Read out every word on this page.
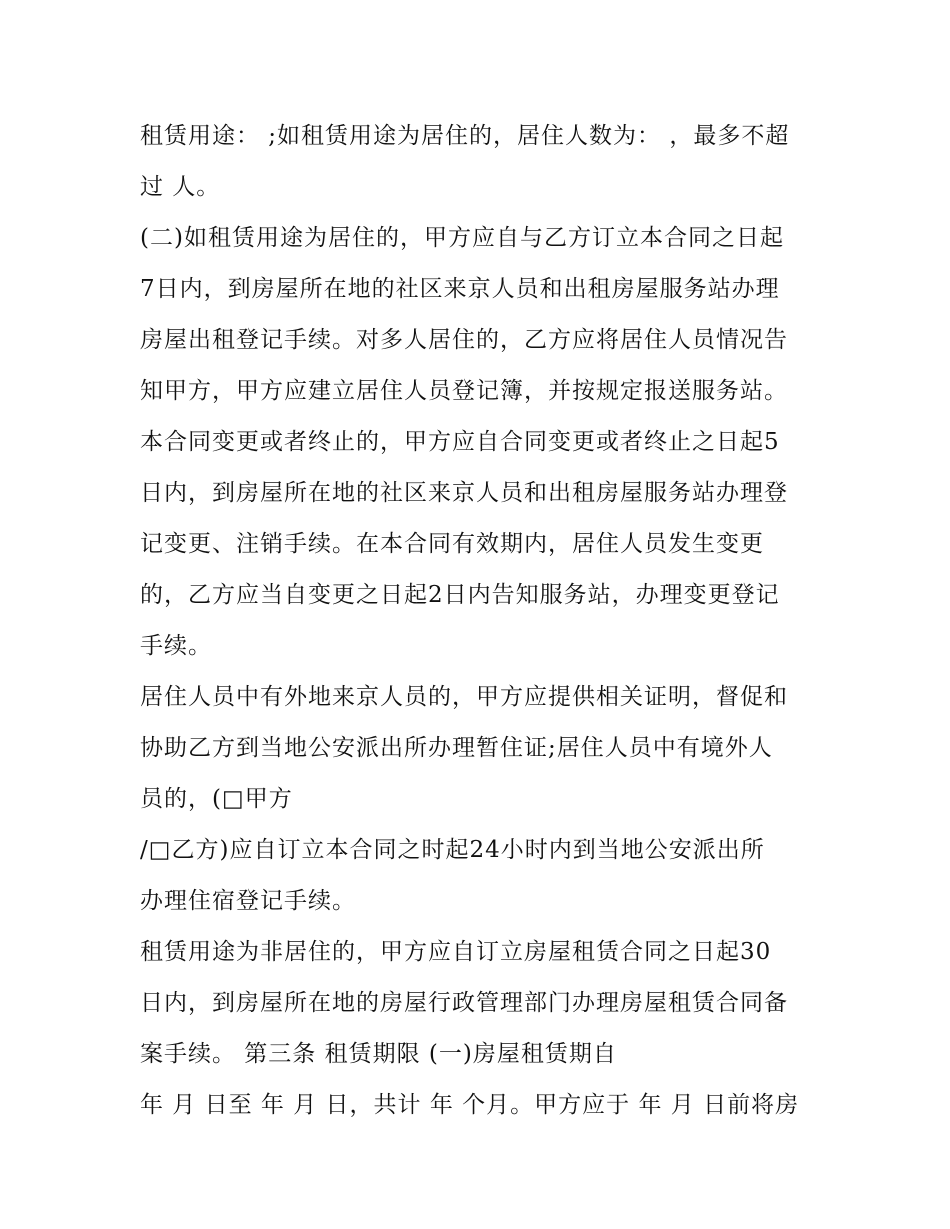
租赁用途： ;如租赁用途为居住的，居住人数为： ，最多不超
过 人。
(二)如租赁用途为居住的，甲方应自与乙方订立本合同之日起
7日内，到房屋所在地的社区来京人员和出租房屋服务站办理
房屋出租登记手续。对多人居住的，乙方应将居住人员情况告
知甲方，甲方应建立居住人员登记簿，并按规定报送服务站。
本合同变更或者终止的，甲方应自合同变更或者终止之日起5
日内，到房屋所在地的社区来京人员和出租房屋服务站办理登
记变更、注销手续。在本合同有效期内，居住人员发生变更
的，乙方应当自变更之日起2日内告知服务站，办理变更登记
手续。
居住人员中有外地来京人员的，甲方应提供相关证明，督促和
协助乙方到当地公安派出所办理暂住证;居住人员中有境外人
员的，(□甲方
/□乙方)应自订立本合同之时起24小时内到当地公安派出所
办理住宿登记手续。
租赁用途为非居住的，甲方应自订立房屋租赁合同之日起30
日内，到房屋所在地的房屋行政管理部门办理房屋租赁合同备
案手续。 第三条 租赁期限 (一)房屋租赁期自
年 月 日至 年 月 日，共计 年 个月。甲方应于 年 月 日前将房
